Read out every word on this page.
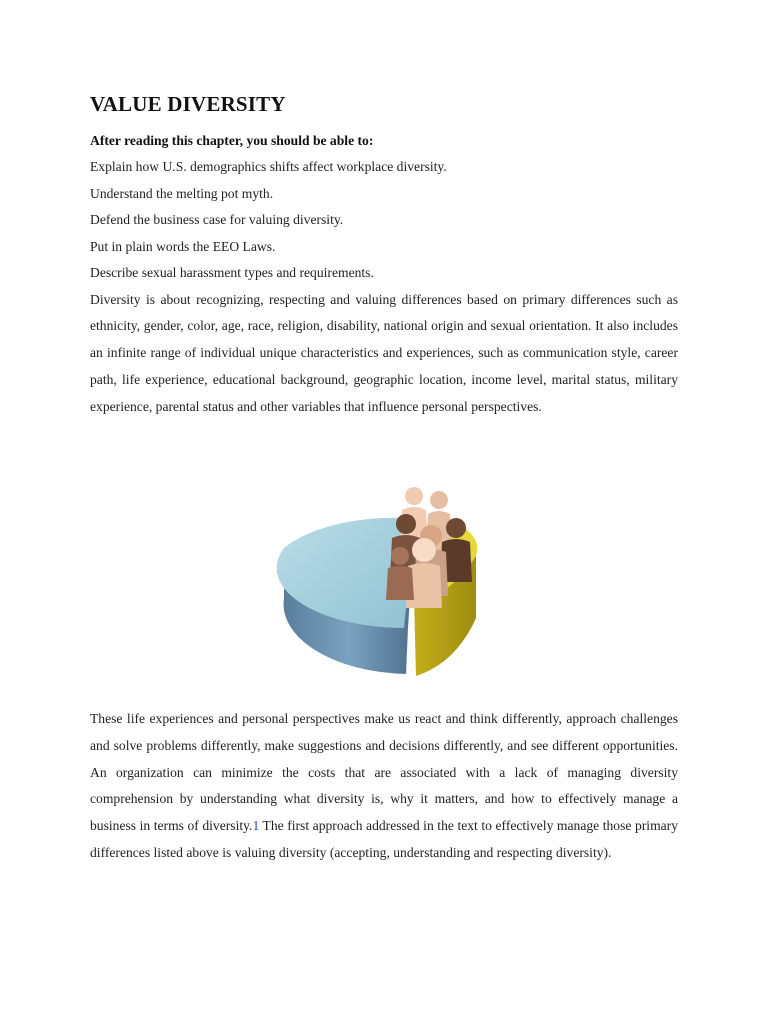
VALUE DIVERSITY

After reading this chapter, you should be able to:

Explain how U.S. demographics shifts affect workplace diversity.

Understand the melting pot myth.

Defend the business case for valuing diversity.

Put in plain words the EEO Laws.

Describe sexual harassment types and requirements.

Diversity is about recognizing, respecting and valuing differences based on primary differences such as ethnicity, gender, color, age, race, religion, disability, national origin and sexual orientation. It also includes an infinite range of individual unique characteristics and experiences, such as communication style, career path, life experience, educational background, geographic location, income level, marital status, military experience, parental status and other variables that influence personal perspectives.

These life experiences and personal perspectives make us react and think differently, approach challenges and solve problems differently, make suggestions and decisions differently, and see different opportunities. An organization can minimize the costs that are associated with a lack of managing diversity comprehension by understanding what diversity is, why it matters, and how to effectively manage a business in terms of diversity.1 The first approach addressed in the text to effectively manage those primary differences listed above is valuing diversity (accepting, understanding and respecting diversity).
